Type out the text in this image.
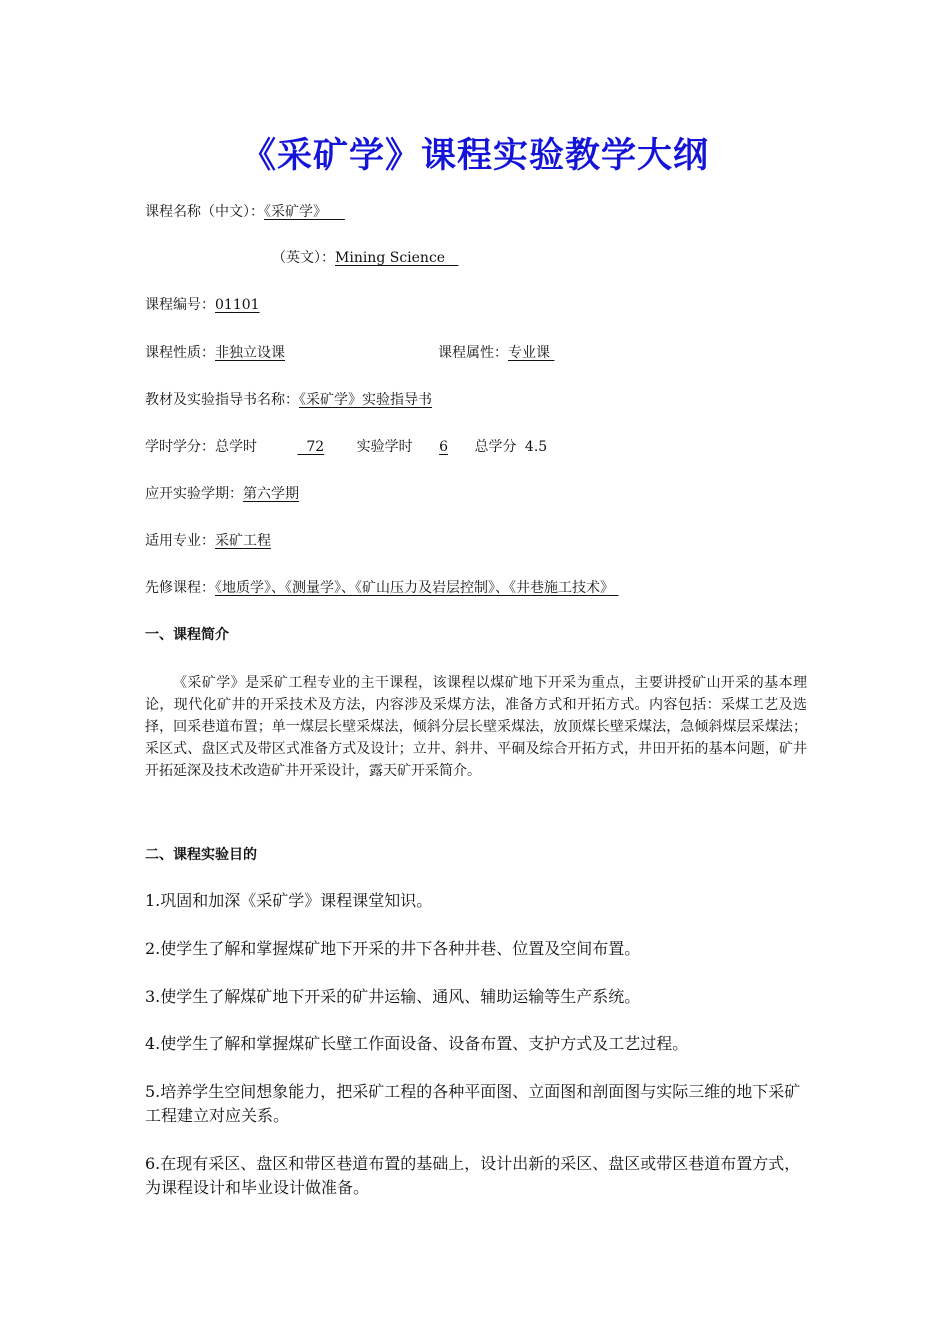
《采矿学》课程实验教学大纲
课程名称（中文）：《采矿学》
（英文）：Mining Science
课程编号：01101
课程性质：非独立设课	课程属性：专业课
教材及实验指导书名称：《采矿学》实验指导书
学时学分：总学时	72 实验学时 6 总学分 4.5
应开实验学期：第六学期
适用专业：采矿工程
先修课程：《地质学》、《测量学》、《矿山压力及岩层控制》、《井巷施工技术》
一、课程简介

《采矿学》是采矿工程专业的主干课程，该课程以煤矿地下开采为重点，主要讲授矿山开采的基本理论，现代化矿井的开采技术及方法，内容涉及采煤方法，准备方式和开拓方式。内容包括：采煤工艺及选择，回采巷道布置；单一煤层长壁采煤法，倾斜分层长壁采煤法，放顶煤长壁采煤法，急倾斜煤层采煤法；采区式、盘区式及带区式准备方式及设计；立井、斜井、平硐及综合开拓方式，井田开拓的基本问题，矿井开拓延深及技术改造矿井开采设计，露天矿开采简介。

二、课程实验目的

1.巩固和加深《采矿学》课程课堂知识。

2.使学生了解和掌握煤矿地下开采的井下各种井巷、位置及空间布置。

3.使学生了解煤矿地下开采的矿井运输、通风、辅助运输等生产系统。

4.使学生了解和掌握煤矿长壁工作面设备、设备布置、支护方式及工艺过程。

5.培养学生空间想象能力，把采矿工程的各种平面图、立面图和剖面图与实际三维的地下采矿工程建立对应关系。

6.在现有采区、盘区和带区巷道布置的基础上，设计出新的采区、盘区或带区巷道布置方式，为课程设计和毕业设计做准备。
